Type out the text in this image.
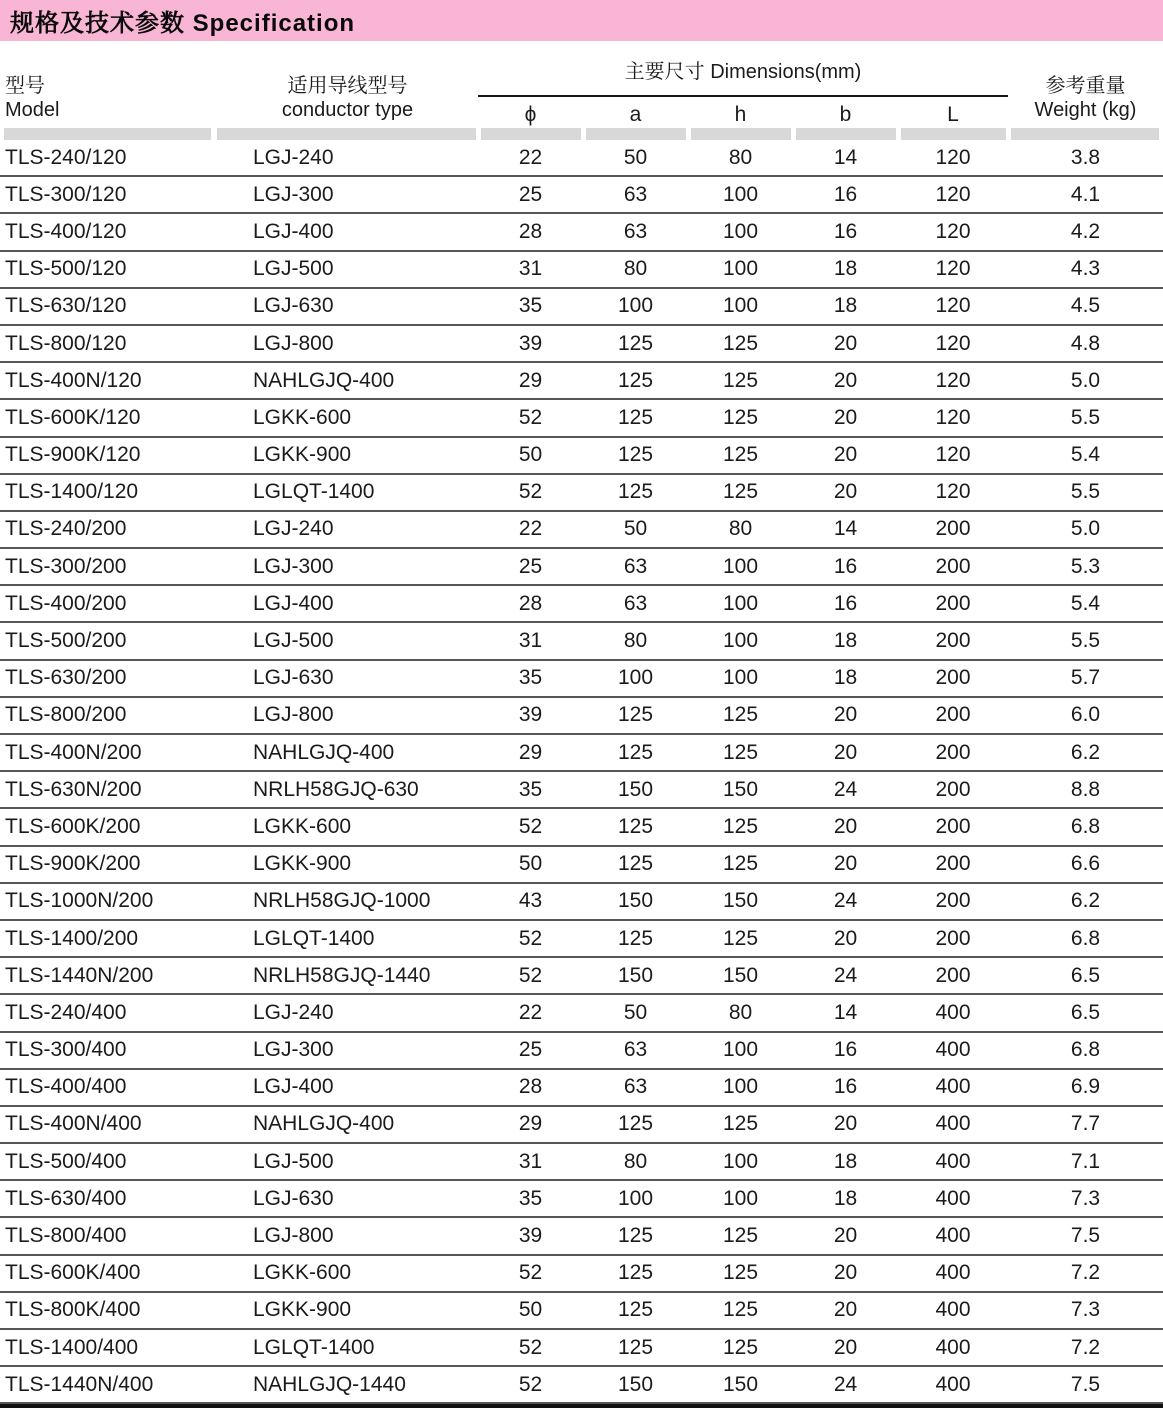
规格及技术参数 Specification
型号
Model
适用导线型号
conductor type
主要尺寸 Dimensions(mm)
ϕ	a	h	b	L
参考重量
Weight (kg)
TLS-240/120	LGJ-240	22	50	80	14	120	3.8
TLS-300/120	LGJ-300	25	63	100	16	120	4.1
TLS-400/120	LGJ-400	28	63	100	16	120	4.2
TLS-500/120	LGJ-500	31	80	100	18	120	4.3
TLS-630/120	LGJ-630	35	100	100	18	120	4.5
TLS-800/120	LGJ-800	39	125	125	20	120	4.8
TLS-400N/120	NAHLGJQ-400	29	125	125	20	120	5.0
TLS-600K/120	LGKK-600	52	125	125	20	120	5.5
TLS-900K/120	LGKK-900	50	125	125	20	120	5.4
TLS-1400/120	LGLQT-1400	52	125	125	20	120	5.5
TLS-240/200	LGJ-240	22	50	80	14	200	5.0
TLS-300/200	LGJ-300	25	63	100	16	200	5.3
TLS-400/200	LGJ-400	28	63	100	16	200	5.4
TLS-500/200	LGJ-500	31	80	100	18	200	5.5
TLS-630/200	LGJ-630	35	100	100	18	200	5.7
TLS-800/200	LGJ-800	39	125	125	20	200	6.0
TLS-400N/200	NAHLGJQ-400	29	125	125	20	200	6.2
TLS-630N/200	NRLH58GJQ-630	35	150	150	24	200	8.8
TLS-600K/200	LGKK-600	52	125	125	20	200	6.8
TLS-900K/200	LGKK-900	50	125	125	20	200	6.6
TLS-1000N/200	NRLH58GJQ-1000	43	150	150	24	200	6.2
TLS-1400/200	LGLQT-1400	52	125	125	20	200	6.8
TLS-1440N/200	NRLH58GJQ-1440	52	150	150	24	200	6.5
TLS-240/400	LGJ-240	22	50	80	14	400	6.5
TLS-300/400	LGJ-300	25	63	100	16	400	6.8
TLS-400/400	LGJ-400	28	63	100	16	400	6.9
TLS-400N/400	NAHLGJQ-400	29	125	125	20	400	7.7
TLS-500/400	LGJ-500	31	80	100	18	400	7.1
TLS-630/400	LGJ-630	35	100	100	18	400	7.3
TLS-800/400	LGJ-800	39	125	125	20	400	7.5
TLS-600K/400	LGKK-600	52	125	125	20	400	7.2
TLS-800K/400	LGKK-900	50	125	125	20	400	7.3
TLS-1400/400	LGLQT-1400	52	125	125	20	400	7.2
TLS-1440N/400	NAHLGJQ-1440	52	150	150	24	400	7.5
